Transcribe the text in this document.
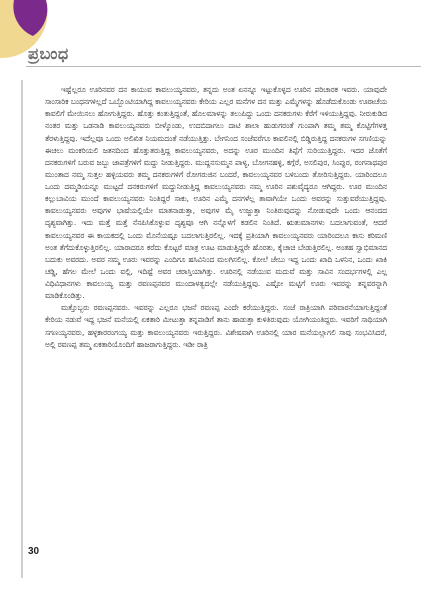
ಪ್ರಬಂಧ

ಇಷ್ಟೆಲ್ಲರೂ ಊರಿನವರ ದನ ಕಾಯುವ ಕಾವಲುಯ್ಯನವರು, ತನ್ನದು ಅಂತ ಏನನ್ನೂ ಇಟ್ಟುಕೊಳ್ಳದ ಊರಿನ ಪರಿಚಾರಕ ಇವರು. ಯಾವುದೇ ಸಾಂಸಾರಿಕ ಬಂಧನಗಳಿಲ್ಲದೆ ಒಬ್ಬೊಂಟಿಯಾಗಿದ್ದ ಕಾವಲುಯ್ಯನವರು ಕೇರಿಯ ಎಲ್ಲರ ಮನೆಗಳ ದನ ಮತ್ತು ಎಮ್ಮೆಗಳನ್ನು ಹೊಡೆದುಕೊಂಡು ಊರಾಚೆಯ ಕಾವಲಿಗೆ ಮೇಯಿಸಲು ಹೋಗುತ್ತಿದ್ದರು. ಹೊತ್ತು ಕಂತುತ್ತಿದ್ದಂತೆ, ಹೊಲಮಾಳನ್ನು ತಲುಪಿದ್ದು ಒಂದು ದನಕರುಗಳು ಕೆರೆಗೆ ಇಳಿಯುತ್ತಿದ್ದವು. ನೀರುಕುಡಿದ ನಂತರ ಮತ್ತು ಒಡನಾಡಿ ಕಾವಲುಯ್ಯನವರು ಬೀಳ್ಕೊಂಡು, ಉದಬಿದಾಗಲು ದಾಟಿ ಶಾಲಾ ಹುಡುಗರಂತೆ ಗುಂಪಾಗಿ ತಮ್ಮ ತಮ್ಮ ಕೊಟ್ಟಿಗೆಗಳತ್ತ ತೆರಳುತ್ತಿದ್ದವು. ಇದೆಲ್ಲವೂ ಒಂದು ಅಲಿಖಿತ ನಿಯಮದಂತೆ ನಡೆಯುತ್ತಿತ್ತು. ಬೇಗನಿಂದ ಸಂಜೆವರೆಗೂ ಕಾವಲಿನಲ್ಲಿ ಬಿಡ್ಡಿರುತ್ತಿದ್ದ ದನಕರುಗಳ ಸಗಣಿಯನ್ನು ಈಚಲು ಮಂಕರಿಯಲಿ ಜತನದಿಂದ ಹೊತ್ತುತರುತ್ತಿದ್ದ ಕಾವಲುಯ್ಯನವರು, ಅದನ್ನು ಊರ ಮುಂದಿನ ತಿಪ್ಪೆಗೆ ಸುರಿಯುತ್ತಿದ್ದರು. ಇದರ ಜೊತೆಗೆ ದನಕರುಗಳಿಗೆ ಬರುವ ಜಬ್ಬು ಜಾಪತ್ರೆಗಳಿಗೆ ಮದ್ದು ನೀಡುತ್ತಿದ್ದರು. ಮುದ್ದನಸುಮ್ಮನ ಪಾಳ್ಯ, ಬೋಗನಹಳ್ಳಿ, ಕಗ್ಗೆರೆ, ಅಸಲಿಪುರ, ಸಿಂಪ್ಪುರ, ರಂಗನಾಥಪುರ ಮುಂತಾದ ನಮ್ಮ ಸುತ್ತಲ ಹಳ್ಳಿಯವರು ತಮ್ಮ ದನಕರುಗಳಿಗೆ ರೋಗರುಜಿನ ಬಂದರೆ, ಕಾವಲುಯ್ಯನವರ ಬಳಿಬಂದು ತೋರಿಸುತ್ತಿದ್ದರು. ಯಾರಿಂದಲೂ ಒಂದು ದಮ್ಮಡಿಯನ್ನೂ ಮುಟ್ಟದೆ ದನಕರುಗಳಿಗೆ ಮದ್ದುನೀಡುತ್ತಿದ್ದ ಕಾವಲುಯ್ಯನವರು ನಮ್ಮ ಊರಿನ ಪಶುವೈದ್ಯರೂ ಆಗಿದ್ದರು. ಊರ ಮುಂದಿನ ಕಲ್ಲುಬಾವಿಯ ಮುಂದೆ ಕಾವಲುಯ್ಯನವರು ನಿಂತಿದ್ದರೆ ಸಾಕು, ಊರಿನ ಎಮ್ಮೆ ದನಗಳೆಲ್ಲ ತಾವಾಗಿಯೇ ಒಂದು ಅವರನ್ನು ಸುತ್ತುವರೆಯುತ್ತಿದ್ದವು. ಕಾವಲುಯ್ಯನವರು ಅವುಗಳ ಭಾಷೆಯಲ್ಲಿಯೇ ಮಾತನಾಡುತ್ತಾ, ಅವುಗಳ ಮೈ ಉಜ್ಜುತ್ತಾ ನಿಂತಿರುವುದನ್ನು ನೋಡುವುದೇ ಒಂದು ಆನಂದದ ದೃಶ್ಯವಾಗಿತ್ತು. ಇದು ಮತ್ತೆ ಮತ್ತೆ ನೆನಪಿಸಿಕೊಳ್ಳುವ ದೃಶ್ಯವೂ ಆಗಿ ನನ್ನೊಳಗೆ ಕಡಲಿನ ನಿಂತಿದೆ. ಋತುಮಾನಗಳು ಬದಲಾಗುವಂತೆ, ಆದರೆ ಕಾವಲುಯ್ಯನವರ ಈ ಕಾಯಕದಲ್ಲಿ ಒಂದು ಮೊನೆಯಷ್ಟೂ ಬದಲಾಗುತ್ತಿರಲಿಲ್ಲ. ಇದಕ್ಕೆ ಪ್ರತಿಯಾಗಿ ಕಾವಲುಯ್ಯನವರು ಯಾರಿಂದಲೂ ಕಾಸು ಕರಿಮಣಿ ಅಂತ ತೆಗೆದುಕೊಳ್ಳುತ್ತಿರಲಿಲ್ಲ. ಯಾರಾದರೂ ಕರೆದು ಕೊಟ್ಟರೆ ಮಾತ್ರ ಊಟ ಮಾಡುತ್ತಿದ್ದರೇ ಹೊರತು, ಕೈಚಾಚಿ ಬೇಡುತ್ತಿರಲಿಲ್ಲ. ಅಂತಹ ಸ್ವಾಭಿಮಾನದ ಬದುಕು ಅವರದು. ಅವರ ನಮ್ಮ ಊರು ಇವರನ್ನು ಎಂದಿಗೂ ಹಸಿವಿನಿಂದ ಮಲಗಿಸಲಿಲ್ಲ. ಕೋಲೆ ಜೇಬು ಇದ್ದ ಒಂದು ಖಾದಿ ಒಳನಿನ, ಒಂದು ಖಾಕಿ ಚಡ್ಡಿ, ಹೆಗಲ ಮೇಲೆ ಒಂದು ವಲ್ಲಿ, ಇದಿಷ್ಟೆ ಅವರ ಚರಾಸ್ತಿಯಾಗಿತ್ತು. ಊರಿನಲ್ಲಿ ನಡೆಯುವ ಮದುವೆ ಮತ್ತು ಸಾವಿನ ಸಂದರ್ಭಗಳಲ್ಲಿ ಎಲ್ಲ ವಿಧಿವಿಧಾನಗಳು ಕಾವಲುಯ್ಯ ಮತ್ತು ರವಣಪ್ಪನವರ ಮುಂದಾಳತ್ವದಲ್ಲೇ ನಡೆಯುತ್ತಿದ್ದವು. ಎಷ್ಟೋ ಮಟ್ಟಿಗೆ ಊರು ಇವರನ್ನು ತನ್ನವರನ್ನಾಗಿ ಮಾಡಿಕೊಂಡಿತ್ತು.

ಮತ್ತೊಬ್ಬರು ರವಣಪ್ಪನವರು. ಇವರನ್ನು ಎಲ್ಲರೂ ಭಜನೆ ರವಣಪ್ಪ ಎಂದೇ ಕರೆಯುತ್ತಿದ್ದರು. ಸಂಜೆ ರಾತ್ರಿಯಾಗಿ ಪರಿವಾರನೆಯಾಗುತ್ತಿದ್ದಂತೆ ಕೇರಿಯ ನಡುವೆ ಇದ್ದ ಭಜನೆ ಮನೆಯಲ್ಲಿ ಏಕತಾರಿ ಮೀಟುತ್ತಾ ತನ್ನಪಾಡಿಗೆ ತಾನು ಹಾಡುತ್ತಾ ಕುಳಿತಿರುವುದು ಯೋಗಿಯಂತಿದ್ದರು. ಇವರಿಗೆ ಸಾಥಿಯಾಗಿ ಸಗಣಯ್ಯನವರು, ಹಳ್ಳಕಾರರಂಗಯ್ಯ ಮತ್ತು ಕಾವಲುಯ್ಯನವರು ಇರುತ್ತಿದ್ದರು. ವಿಶೇಷವಾಗಿ ಊರಿನಲ್ಲಿ ಯಾರ ಮನೆಯಲ್ಲಾಗಲಿ ಸಾವು ಸಂಭವಿಸಿದರೆ, ಅಲ್ಲಿ ರವಣಪ್ಪ ತಮ್ಮ ಏಕತಾರಿಯೊಂದಿಗೆ ಹಾಜರಾಗುತ್ತಿದ್ದರು. ಇಡೀ ರಾತ್ರಿ

30
